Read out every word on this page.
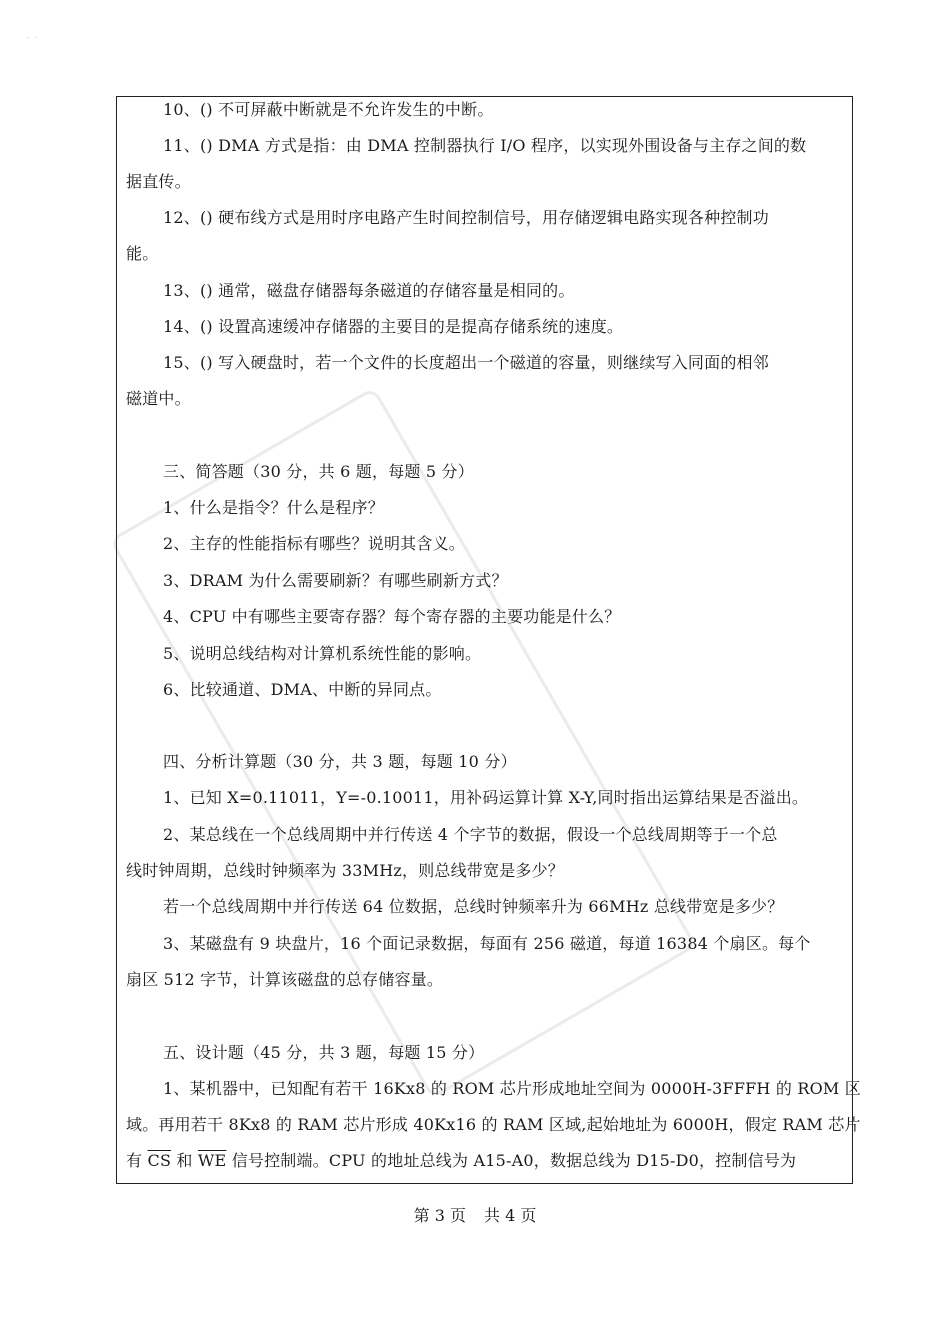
、.
10、() 不可屏蔽中断就是不允许发生的中断。
11、() DMA 方式是指：由 DMA 控制器执行 I/O 程序，以实现外围设备与主存之间的数
据直传。
12、() 硬布线方式是用时序电路产生时间控制信号，用存储逻辑电路实现各种控制功
能。
13、() 通常，磁盘存储器每条磁道的存储容量是相同的。
14、() 设置高速缓冲存储器的主要目的是提高存储系统的速度。
15、() 写入硬盘时，若一个文件的长度超出一个磁道的容量，则继续写入同面的相邻
磁道中。
三、简答题（30 分，共 6 题，每题 5 分）
1、什么是指令？什么是程序？
2、主存的性能指标有哪些？说明其含义。
3、DRAM 为什么需要刷新？有哪些刷新方式？
4、CPU 中有哪些主要寄存器？每个寄存器的主要功能是什么？
5、说明总线结构对计算机系统性能的影响。
6、比较通道、DMA、中断的异同点。
四、分析计算题（30 分，共 3 题，每题 10 分）
1、已知 X=0.11011，Y=-0.10011，用补码运算计算 X-Y,同时指出运算结果是否溢出。
2、某总线在一个总线周期中并行传送 4 个字节的数据，假设一个总线周期等于一个总
线时钟周期，总线时钟频率为 33MHz，则总线带宽是多少？
若一个总线周期中并行传送 64 位数据，总线时钟频率升为 66MHz 总线带宽是多少？
3、某磁盘有 9 块盘片，16 个面记录数据，每面有 256 磁道，每道 16384 个扇区。每个
扇区 512 字节，计算该磁盘的总存储容量。
五、设计题（45 分，共 3 题，每题 15 分）
1、某机器中，已知配有若干 16Kx8 的 ROM 芯片形成地址空间为 0000H-3FFFH 的 ROM 区
域。再用若干 8Kx8 的 RAM 芯片形成 40Kx16 的 RAM 区域,起始地址为 6000H，假定 RAM 芯片
有 $\overline{CS}$ 和 $\overline{WE}$ 信号控制端。CPU 的地址总线为 A15-A0，数据总线为 D15-D0，控制信号为
第 3 页 共 4 页
